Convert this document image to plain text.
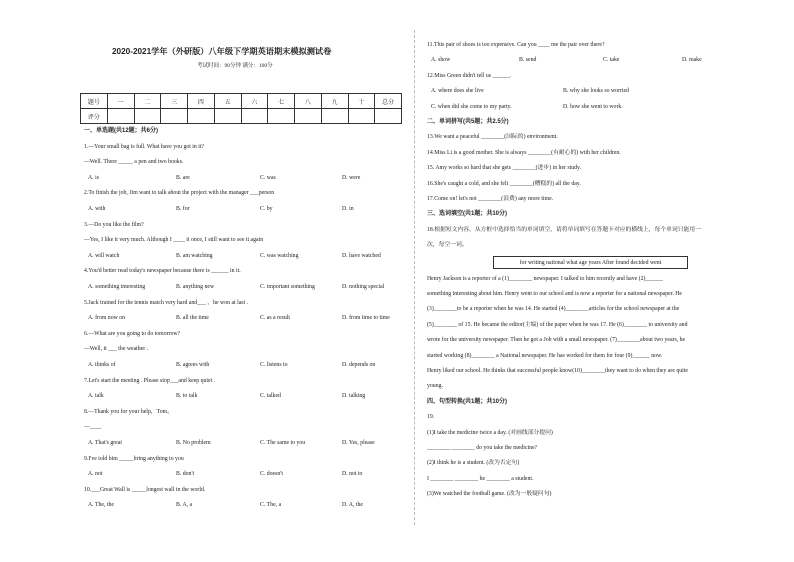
2020-2021学年（外研版）八年级下学期英语期末模拟测试卷
考试时间：90分钟 满分：100分
题号	一	二	三	四	五	六	七	八	九	十	总分
评分											
一、单选题(共12题；共6分)
1.—Your small bag is full. What have you got in it?
—Well. There _____ a pen and two books.
A. is	B. are	C. was	D. were
2.To finish the job, Jim want to talk about the project with the manager ___person
A. with	B. for	C. by	D. in
3.—Do you like the film?
—Yes, I like it very much. Although I ____ it once, I still want to see it again
A. will watch	B. am watching	C. was watching	D. have watched
4.You'd better read today's newspaper because there is ______ in it.
A. something interesting	B. anything new	C. important something	D. nothing special
5.Jack trained for the tennis match very hard and___ ，he won at last .
A. from now on	B. all the time	C. as a result	D. from time to time
6.—What are you going to do tomorrow?
—Well, it ___ the weather .
A. thinks of	B. agrees with	C. listens to	D. depends on
7.Let's start the meeting . Please stop___and keep quiet .
A. talk	B. to talk	C. talked	D. talking
8.—Thank you for your help，Tom。
—____
A. That's great	B. No problem	C. The same to you	D. Yes, please
9.I've told him _____bring anything to you
A. not	B. don't	C. doesn't	D. not to
10.___Great Wall is _____longest wall in the world.
A. The, the	B. A, a	C. The, a	D. A, the
11.This pair of shoes is too expensive. Can you ____ me the pair over there?
A. show	B. send	C. take	D. make
12.Miss Green didn't tell us ______.
A. where does she live	B. why she looks so worried
C. when did she come to my party.	D. how she went to work.
二、单词拼写(共5题；共2.5分)
13.We want a peaceful ________(国际的) environment.
14.Miss Li is a good mother. She is always ________(有耐心的) with her children.
15. Amy works so hard that she gets ________(进步) in her study.
16.She's caught a cold, and she felt ________(糟糕的) all the day.
17.Come on! let's not ________(浪费) any more time.
三、选词填空(共1题；共10分)
18.根据短文内容，从方框中选择恰当的单词填空，请将单词填写在答题卡对应的横线上，每个单词只能用一
次，每空一词。
for writing national what age years After found decided went
Henry Jackson is a reporter of a (1)________ newspaper. I talked to him recently and have (2)______
something interesting about him. Henry went to our school and is now a reporter for a national newspaper. He
(3)________to be a reporter when he was 14. He started (4)________articles for the school newspaper at the
(5)________ of 15. He became the editor(主编) of the paper when he was 17. He (6)________ to university and
wrote for the university newspaper. Then he got a Job with a small newspaper. (7)________about two years, he
started working (8)________ a National newspaper. He has worked for them for four (9)______ now.
Henry liked our school. He thinks that successful people know(10)________they want to do when they are quite
young.
四、句型转换(共1题；共10分)
19.
(1)I take the medicine twice a day. (对画线部分提问)
________ ________ do you take the medicine?
(2)I think he is a student. (改为否定句)
I ________ ________ he ________ a student.
(3)We watched the football game. (改为一般疑问句)
